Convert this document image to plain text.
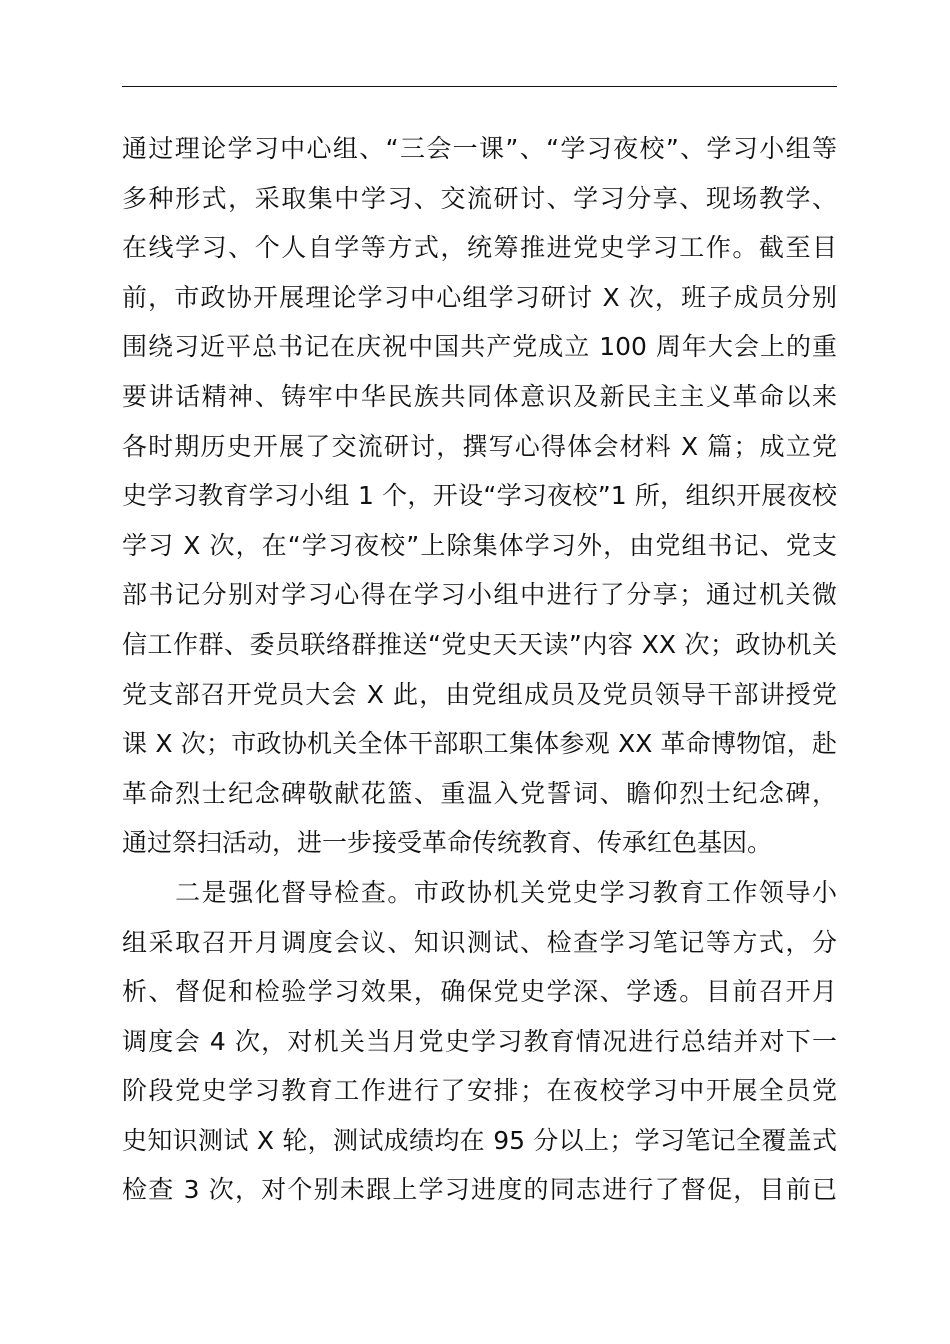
通过理论学习中心组、“三会一课”、“学习夜校”、学习小组等
多种形式，采取集中学习、交流研讨、学习分享、现场教学、
在线学习、个人自学等方式，统筹推进党史学习工作。截至目
前，市政协开展理论学习中心组学习研讨 X 次，班子成员分别
围绕习近平总书记在庆祝中国共产党成立 100 周年大会上的重
要讲话精神、铸牢中华民族共同体意识及新民主主义革命以来
各时期历史开展了交流研讨，撰写心得体会材料 X 篇；成立党
史学习教育学习小组 1 个，开设“学习夜校”1 所，组织开展夜校
学习 X 次，在“学习夜校”上除集体学习外，由党组书记、党支
部书记分别对学习心得在学习小组中进行了分享；通过机关微
信工作群、委员联络群推送“党史天天读”内容 XX 次；政协机关
党支部召开党员大会 X 此，由党组成员及党员领导干部讲授党
课 X 次；市政协机关全体干部职工集体参观 XX 革命博物馆，赴
革命烈士纪念碑敬献花篮、重温入党誓词、瞻仰烈士纪念碑，
通过祭扫活动，进一步接受革命传统教育、传承红色基因。
　　二是强化督导检查。市政协机关党史学习教育工作领导小
组采取召开月调度会议、知识测试、检查学习笔记等方式，分
析、督促和检验学习效果，确保党史学深、学透。目前召开月
调度会 4 次，对机关当月党史学习教育情况进行总结并对下一
阶段党史学习教育工作进行了安排；在夜校学习中开展全员党
史知识测试 X 轮，测试成绩均在 95 分以上；学习笔记全覆盖式
检查 3 次，对个别未跟上学习进度的同志进行了督促，目前已
